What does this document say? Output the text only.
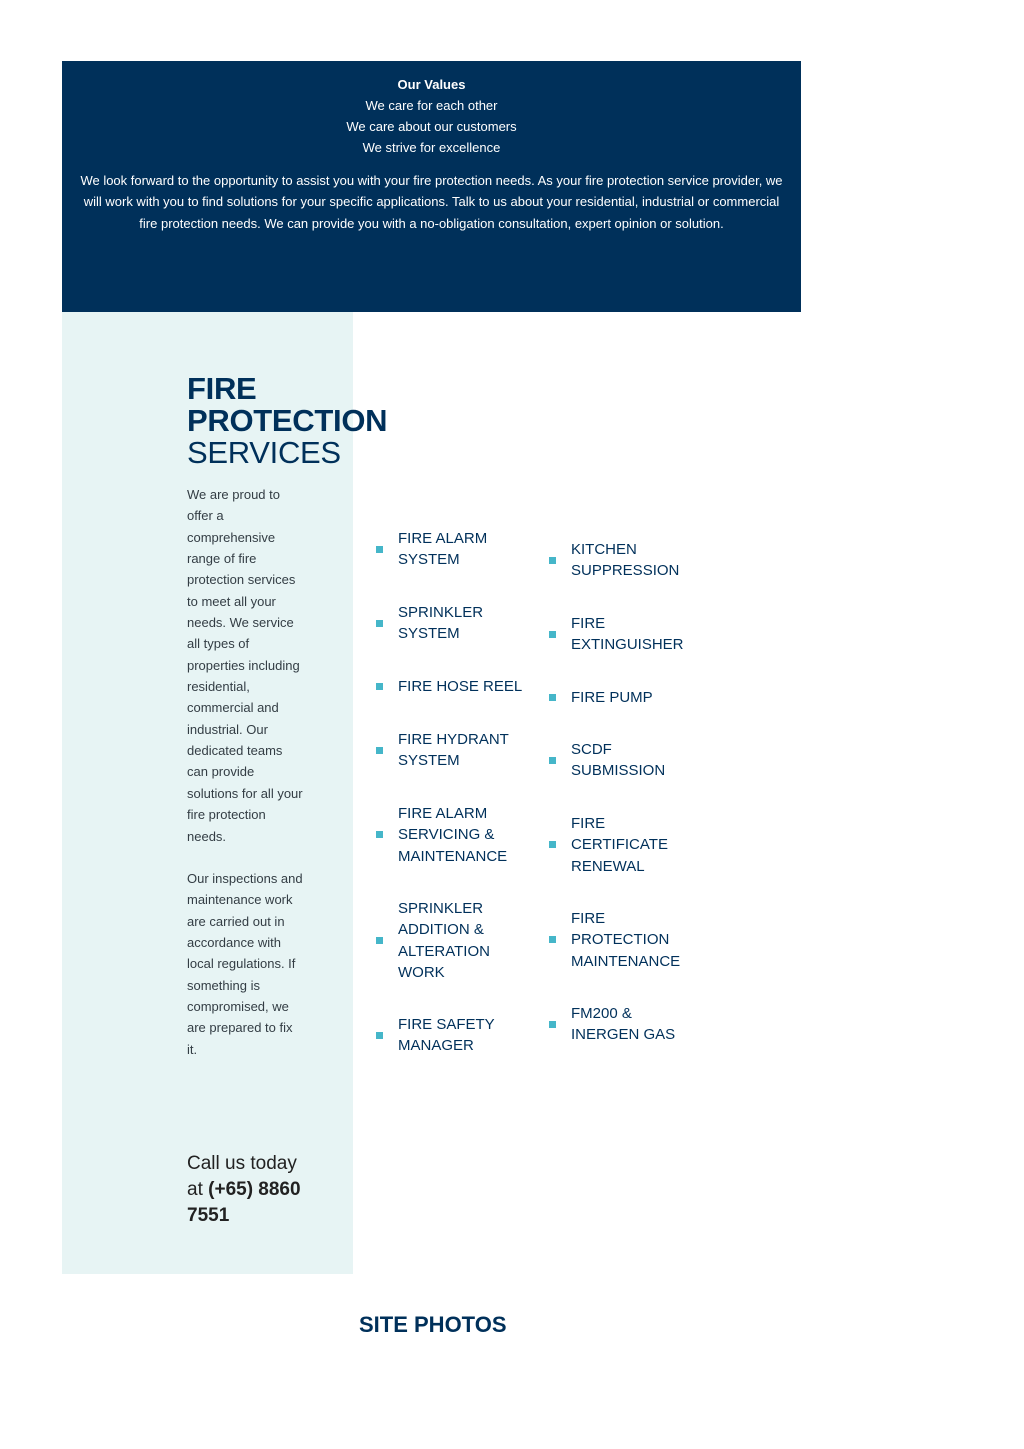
Our Values
We care for each other
We care about our customers
We strive for excellence

We look forward to the opportunity to assist you with your fire protection needs. As your fire protection service provider, we will work with you to find solutions for your specific applications. Talk to us about your residential, industrial or commercial fire protection needs. We can provide you with a no-obligation consultation, expert opinion or solution.

FIRE
PROTECTION
SERVICES

We are proud to offer a comprehensive range of fire protection services to meet all your needs. We service all types of properties including residential, commercial and industrial. Our dedicated teams can provide solutions for all your fire protection needs.

Our inspections and maintenance work are carried out in accordance with local regulations. If something is compromised, we are prepared to fix it.

Call us today at (+65) 8860 7551
FIRE ALARM SYSTEM
SPRINKLER SYSTEM
FIRE HOSE REEL
FIRE HYDRANT SYSTEM
FIRE ALARM SERVICING & MAINTENANCE
SPRINKLER ADDITION & ALTERATION WORK
FIRE SAFETY MANAGER
KITCHEN SUPPRESSION
FIRE EXTINGUISHER
FIRE PUMP
SCDF SUBMISSION
FIRE CERTIFICATE RENEWAL
FIRE PROTECTION MAINTENANCE
FM200 & INERGEN GAS
SITE PHOTOS
